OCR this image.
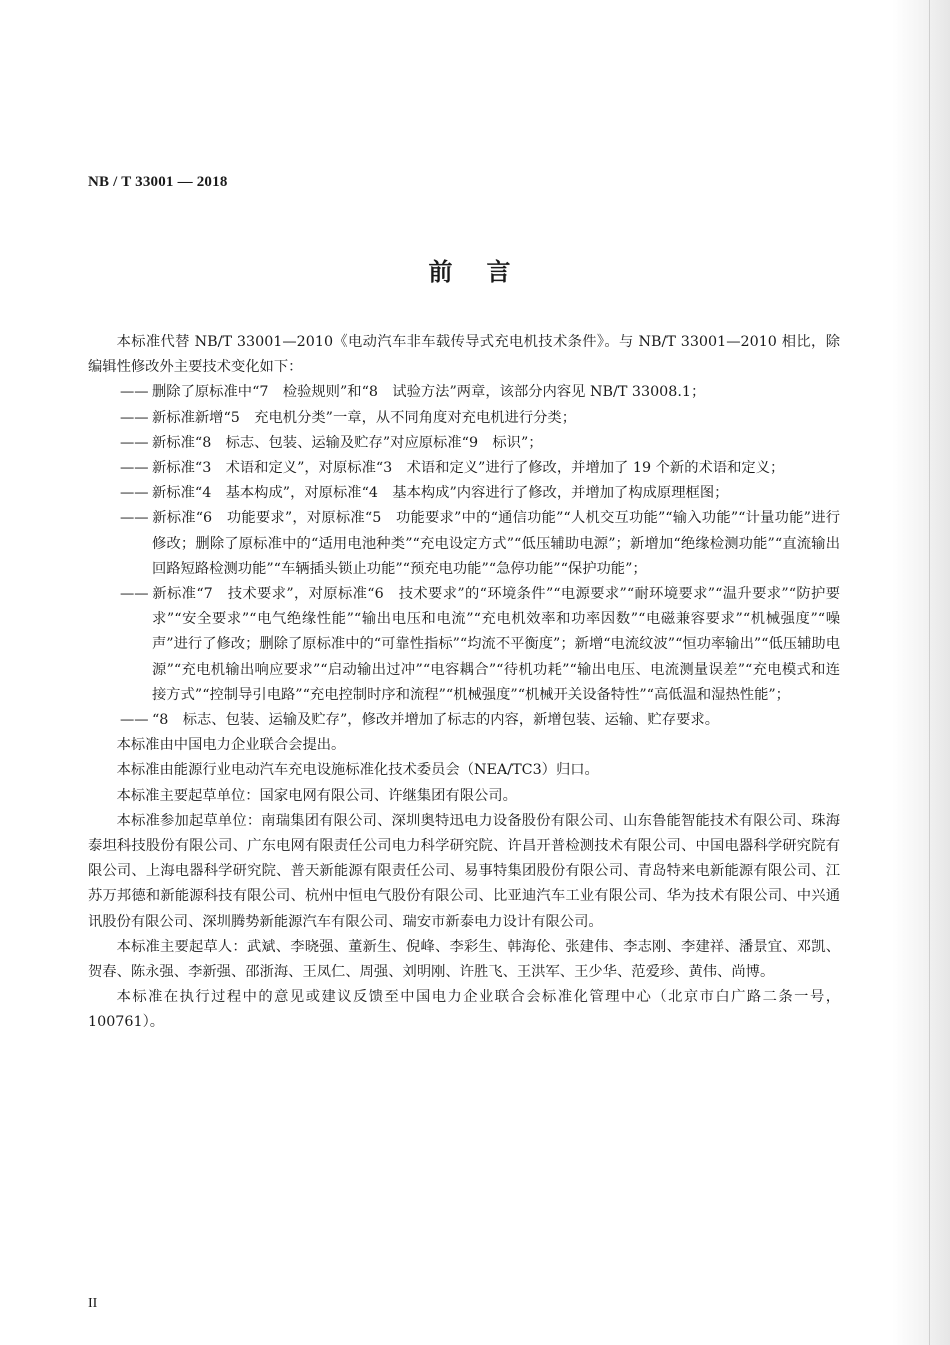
NB / T 33001 — 2018
前言

本标准代替 NB/T 33001—2010《电动汽车非车载传导式充电机技术条件》。与 NB/T 33001—2010 相比，除编辑性修改外主要技术变化如下：

—— 删除了原标准中“7　检验规则”和“8　试验方法”两章，该部分内容见 NB/T 33008.1；

—— 新标准新增“5　充电机分类”一章，从不同角度对充电机进行分类；

—— 新标准“8　标志、包装、运输及贮存”对应原标准“9　标识”；

—— 新标准“3　术语和定义”，对原标准“3　术语和定义”进行了修改，并增加了 19 个新的术语和定义；

—— 新标准“4　基本构成”，对原标准“4　基本构成”内容进行了修改，并增加了构成原理框图；

—— 新标准“6　功能要求”，对原标准“5　功能要求”中的“通信功能”“人机交互功能”“输入功能”“计量功能”进行修改；删除了原标准中的“适用电池种类”“充电设定方式”“低压辅助电源”；新增加“绝缘检测功能”“直流输出回路短路检测功能”“车辆插头锁止功能”“预充电功能”“急停功能”“保护功能”；

—— 新标准“7　技术要求”，对原标准“6　技术要求”的“环境条件”“电源要求”“耐环境要求”“温升要求”“防护要求”“安全要求”“电气绝缘性能”“输出电压和电流”“充电机效率和功率因数”“电磁兼容要求”“机械强度”“噪声”进行了修改；删除了原标准中的“可靠性指标”“均流不平衡度”；新增“电流纹波”“恒功率输出”“低压辅助电源”“充电机输出响应要求”“启动输出过冲”“电容耦合”“待机功耗”“输出电压、电流测量误差”“充电模式和连接方式”“控制导引电路”“充电控制时序和流程”“机械强度”“机械开关设备特性”“高低温和湿热性能”；

—— “8　标志、包装、运输及贮存”，修改并增加了标志的内容，新增包装、运输、贮存要求。

本标准由中国电力企业联合会提出。

本标准由能源行业电动汽车充电设施标准化技术委员会（NEA/TC3）归口。

本标准主要起草单位：国家电网有限公司、许继集团有限公司。

本标准参加起草单位：南瑞集团有限公司、深圳奥特迅电力设备股份有限公司、山东鲁能智能技术有限公司、珠海泰坦科技股份有限公司、广东电网有限责任公司电力科学研究院、许昌开普检测技术有限公司、中国电器科学研究院有限公司、上海电器科学研究院、普天新能源有限责任公司、易事特集团股份有限公司、青岛特来电新能源有限公司、江苏万邦德和新能源科技有限公司、杭州中恒电气股份有限公司、比亚迪汽车工业有限公司、华为技术有限公司、中兴通讯股份有限公司、深圳腾势新能源汽车有限公司、瑞安市新泰电力设计有限公司。

本标准主要起草人：武斌、李晓强、董新生、倪峰、李彩生、韩海伦、张建伟、李志刚、李建祥、潘景宜、邓凯、贺春、陈永强、李新强、邵浙海、王凤仁、周强、刘明刚、许胜飞、王洪军、王少华、范爱珍、黄伟、尚博。

本标准在执行过程中的意见或建议反馈至中国电力企业联合会标准化管理中心（北京市白广路二条一号，100761）。

II
